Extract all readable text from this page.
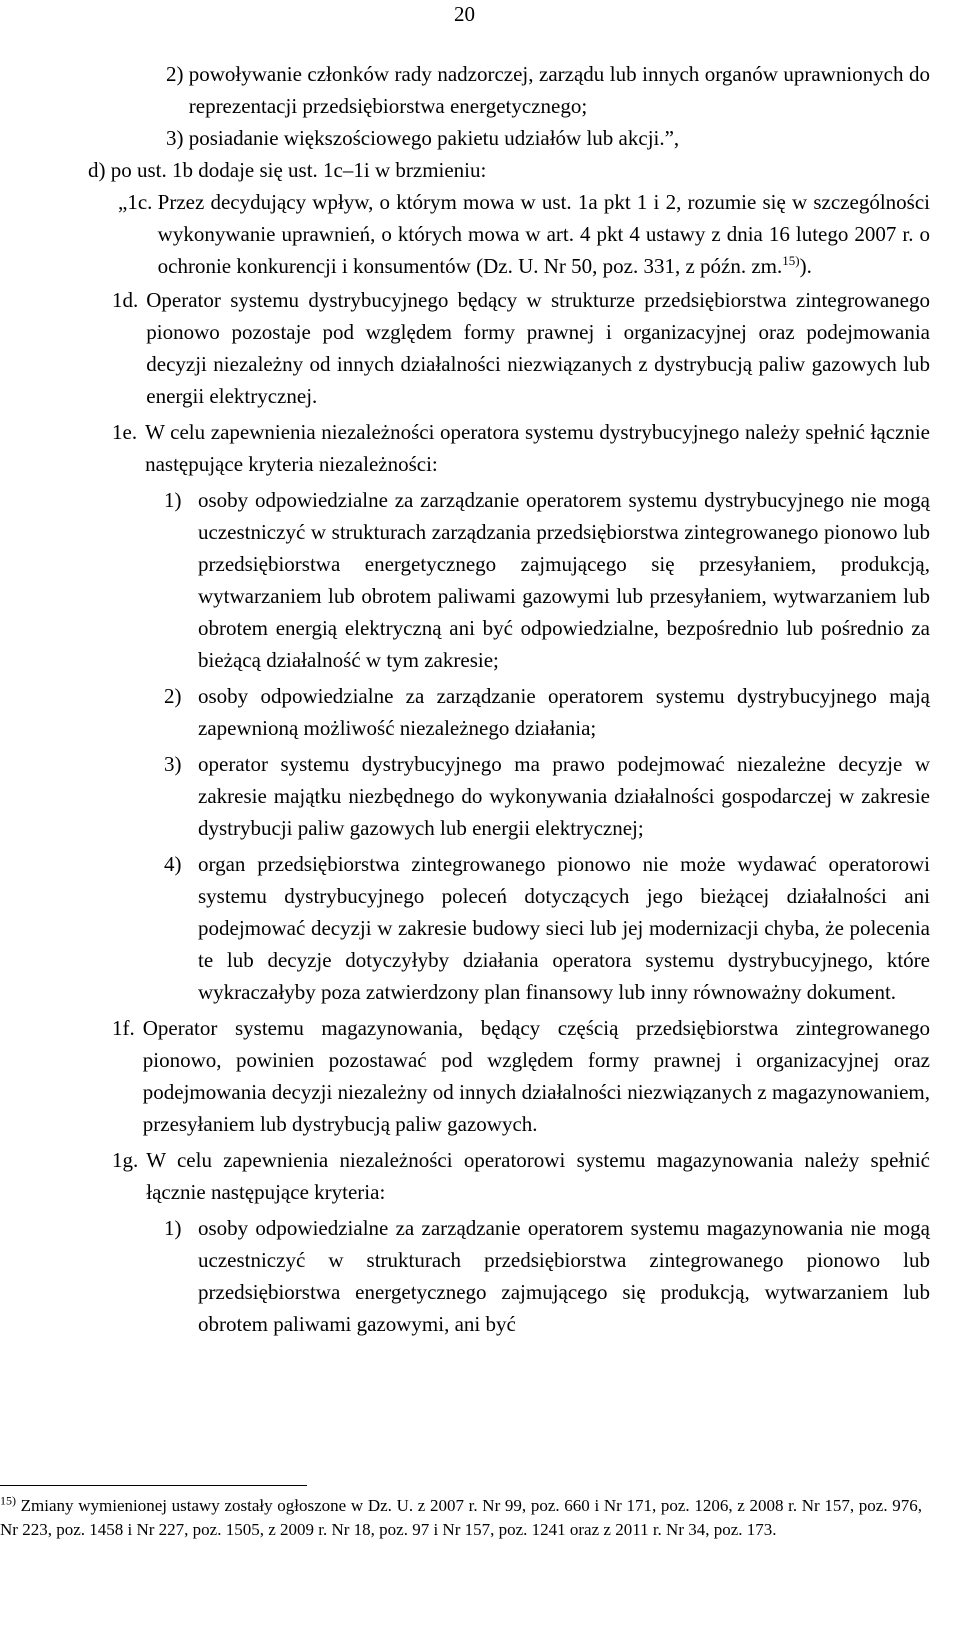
20
2)
powoływanie członków rady nadzorczej, zarządu lub innych organów uprawnionych do reprezentacji przedsiębiorstwa energetycznego;
3)
posiadanie większościowego pakietu udziałów lub akcji.”,
d) po ust. 1b dodaje się ust. 1c–1i w brzmieniu:
„1c.
Przez decydujący wpływ, o którym mowa w ust. 1a pkt 1 i 2, rozumie się w szczególności wykonywanie uprawnień, o których mowa w art. 4 pkt 4 ustawy z dnia 16 lutego 2007 r. o ochronie konkurencji i konsumentów (Dz. U. Nr 50, poz. 331, z późn. zm.$^{15)}$).
1d. Operator systemu dystrybucyjnego będący w strukturze przedsiębiorstwa zintegrowanego pionowo pozostaje pod względem formy prawnej i organizacyjnej oraz podejmowania decyzji niezależny od innych działalności niezwiązanych z dystrybucją paliw gazowych lub energii elektrycznej.
1e. W celu zapewnienia niezależności operatora systemu dystrybucyjnego należy spełnić łącznie następujące kryteria niezależności:
1) osoby odpowiedzialne za zarządzanie operatorem systemu dystrybucyjnego nie mogą uczestniczyć w strukturach zarządzania przedsiębiorstwa zintegrowanego pionowo lub przedsiębiorstwa energetycznego zajmującego się przesyłaniem, produkcją, wytwarzaniem lub obrotem paliwami gazowymi lub przesyłaniem, wytwarzaniem lub obrotem energią elektryczną ani być odpowiedzialne, bezpośrednio lub pośrednio za bieżącą działalność w tym zakresie;
2) osoby odpowiedzialne za zarządzanie operatorem systemu dystrybucyjnego mają zapewnioną możliwość niezależnego działania;
3) operator systemu dystrybucyjnego ma prawo podejmować niezależne decyzje w zakresie majątku niezbędnego do wykonywania działalności gospodarczej w zakresie dystrybucji paliw gazowych lub energii elektrycznej;
4) organ przedsiębiorstwa zintegrowanego pionowo nie może wydawać operatorowi systemu dystrybucyjnego poleceń dotyczących jego bieżącej działalności ani podejmować decyzji w zakresie budowy sieci lub jej modernizacji chyba, że polecenia te lub decyzje dotyczyłyby działania operatora systemu dystrybucyjnego, które wykraczałyby poza zatwierdzony plan finansowy lub inny równoważny dokument.
1f. Operator systemu magazynowania, będący częścią przedsiębiorstwa zintegrowanego pionowo, powinien pozostawać pod względem formy prawnej i organizacyjnej oraz podejmowania decyzji niezależny od innych działalności niezwiązanych z magazynowaniem, przesyłaniem lub dystrybucją paliw gazowych.
1g. W celu zapewnienia niezależności operatorowi systemu magazynowania należy spełnić łącznie następujące kryteria:
1) osoby odpowiedzialne za zarządzanie operatorem systemu magazynowania nie mogą uczestniczyć w strukturach przedsiębiorstwa zintegrowanego pionowo lub przedsiębiorstwa energetycznego zajmującego się produkcją, wytwarzaniem lub obrotem paliwami gazowymi, ani być
$^{15)}$ Zmiany wymienionej ustawy zostały ogłoszone w Dz. U. z 2007 r. Nr 99, poz. 660 i Nr 171, poz. 1206, z 2008 r. Nr 157, poz. 976, Nr 223, poz. 1458 i Nr 227, poz. 1505, z 2009 r. Nr 18, poz. 97 i Nr 157, poz. 1241 oraz z 2011 r. Nr 34, poz. 173.
